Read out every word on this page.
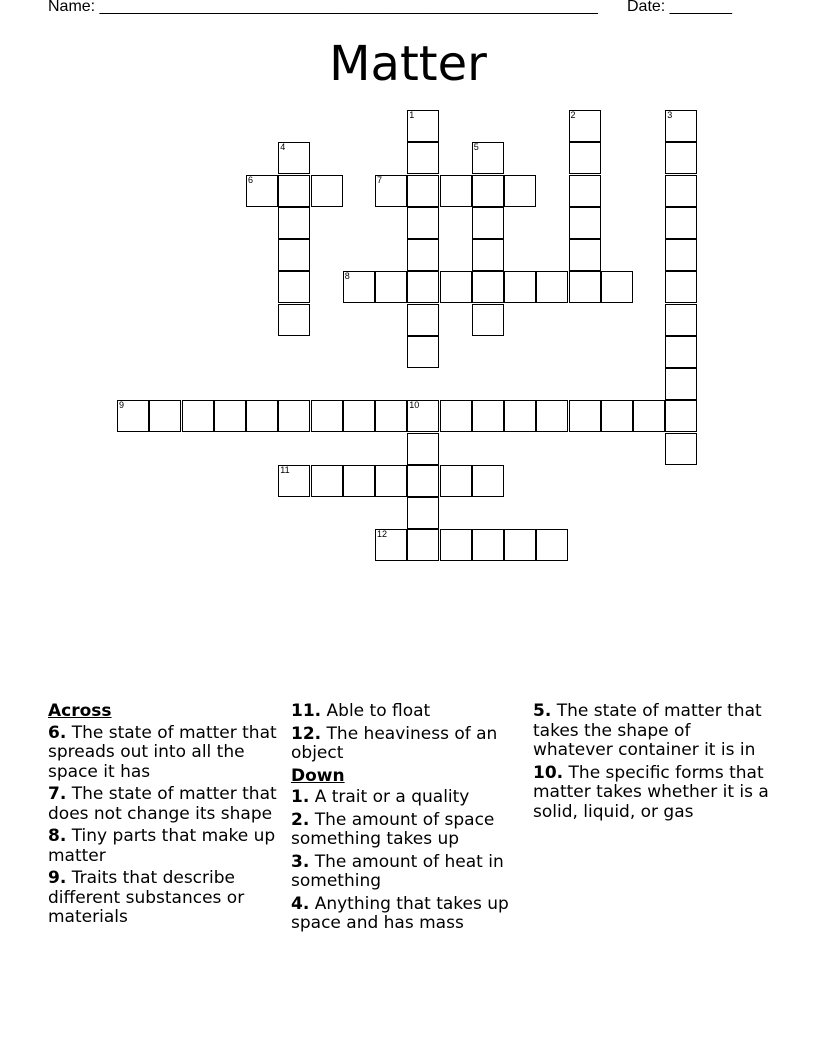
Name: ________________________________________________________ Date: _______
Matter
1	2	3
4	5
6	7
8
9	10
11
12
Across
6. The state of matter that spreads out into all the space it has
7. The state of matter that does not change its shape
8. Tiny parts that make up matter
9. Traits that describe different substances or materials
11. Able to float
12. The heaviness of an object
Down
1. A trait or a quality
2. The amount of space something takes up
3. The amount of heat in something
4. Anything that takes up space and has mass
5. The state of matter that takes the shape of whatever container it is in
10. The specific forms that matter takes whether it is a solid, liquid, or gas
